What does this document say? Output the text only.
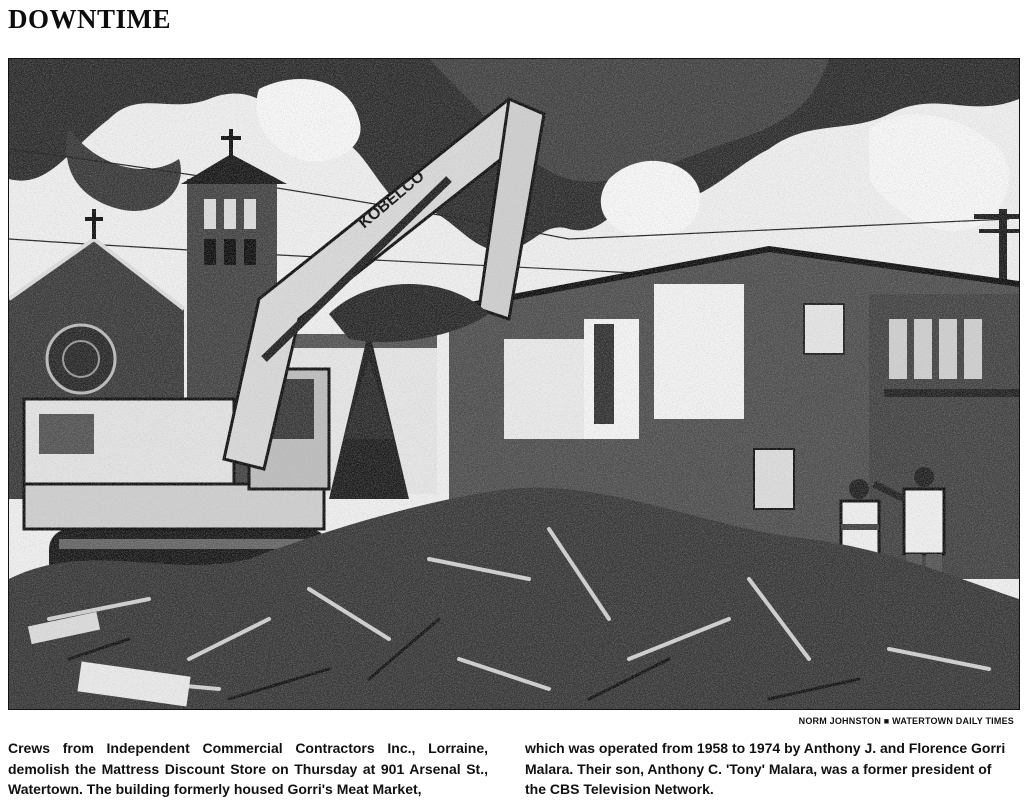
DOWNTIME
NORM JOHNSTON ■ WATERTOWN DAILY TIMES

Crews from Independent Commercial Contractors Inc., Lorraine, demolish the Mattress Discount Store on Thursday at 901 Arsenal St., Watertown. The building formerly housed Gorri's Meat Market,

which was operated from 1958 to 1974 by Anthony J. and Florence Gorri Malara. Their son, Anthony C. 'Tony' Malara, was a former president of the CBS Television Network.
